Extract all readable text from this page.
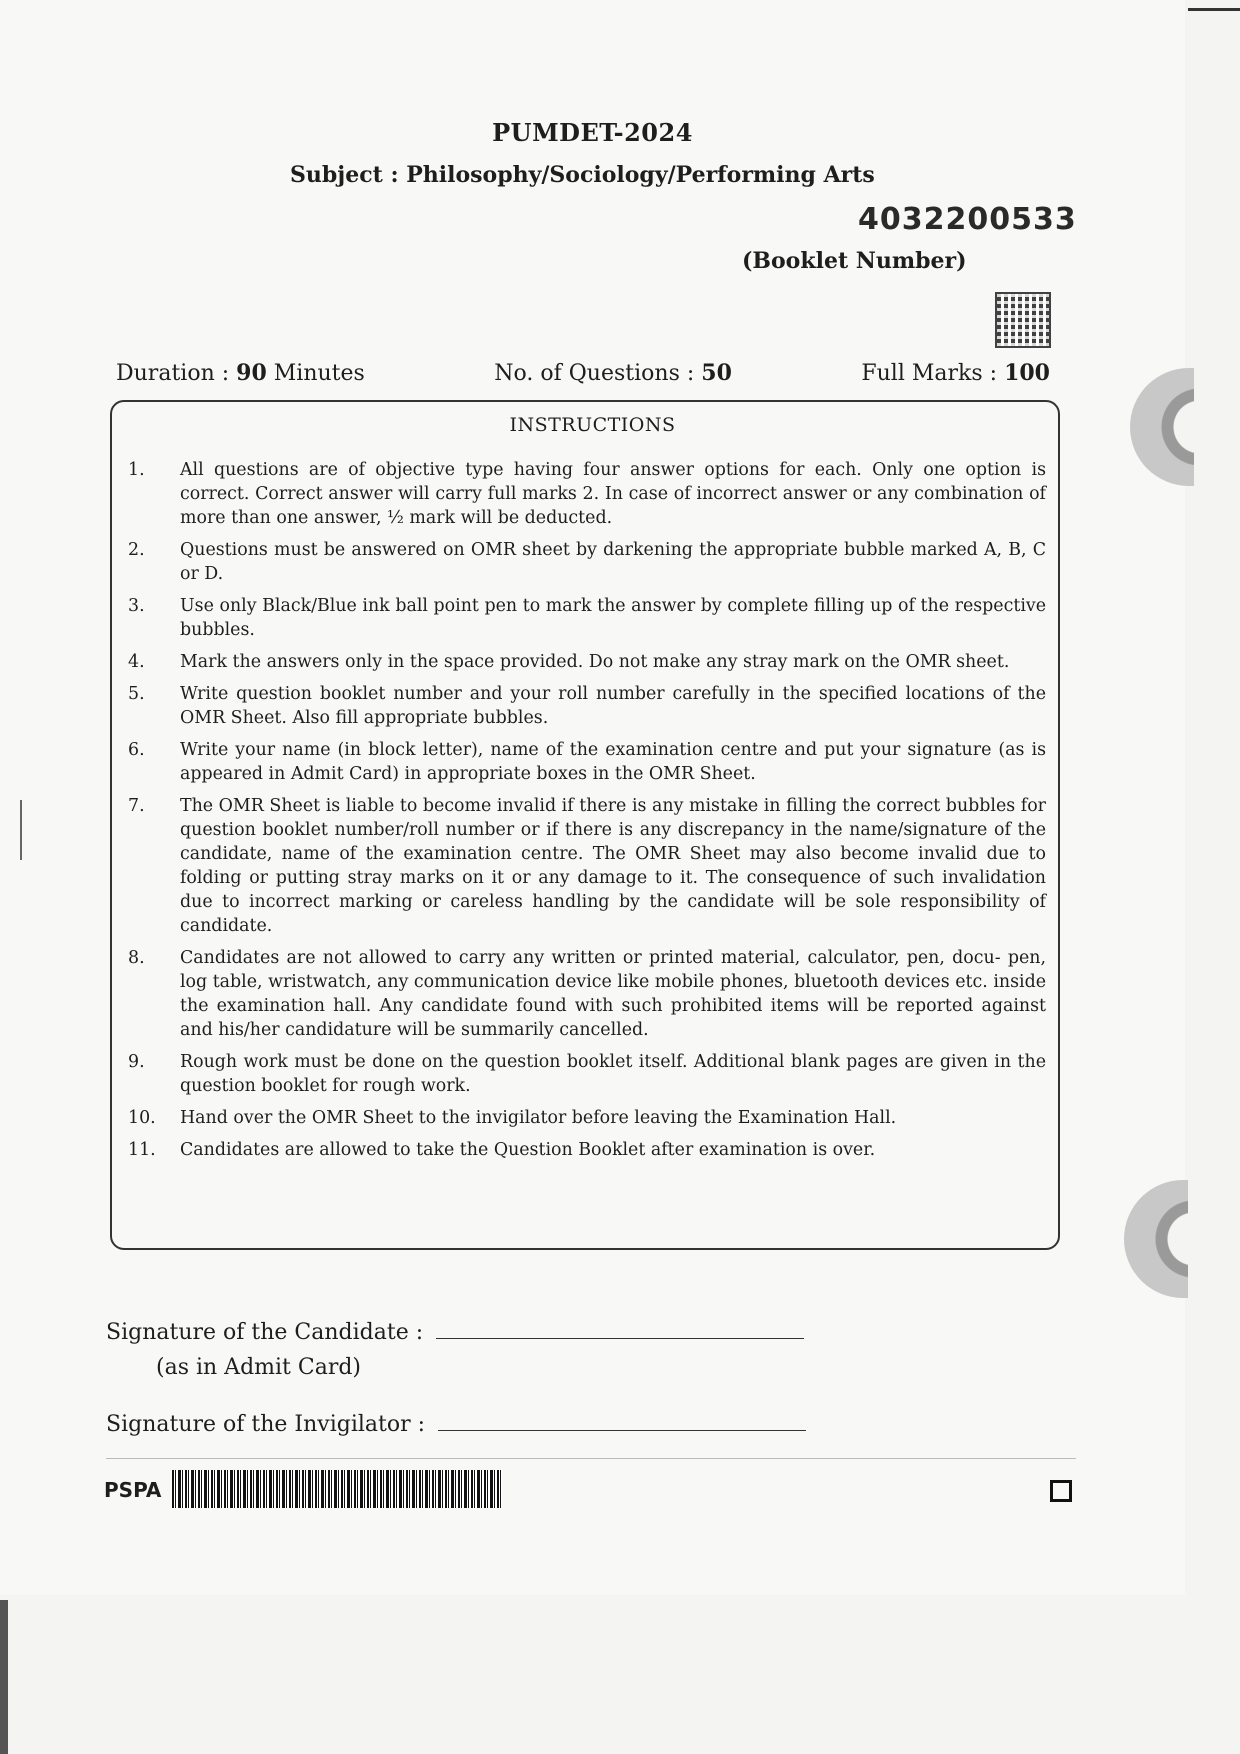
PUMDET-2024
Subject : Philosophy/Sociology/Performing Arts
4032200533
(Booklet Number)
Duration : 90 Minutes	No. of Questions : 50	Full Marks : 100
INSTRUCTIONS
1.	All questions are of objective type having four answer options for each. Only one option is correct. Correct answer will carry full marks 2. In case of incorrect answer or any combination of more than one answer, ½ mark will be deducted.
2.	Questions must be answered on OMR sheet by darkening the appropriate bubble marked A, B, C or D.
3.	Use only Black/Blue ink ball point pen to mark the answer by complete filling up of the respective bubbles.
4.	Mark the answers only in the space provided. Do not make any stray mark on the OMR sheet.
5.	Write question booklet number and your roll number carefully in the specified locations of the OMR Sheet. Also fill appropriate bubbles.
6.	Write your name (in block letter), name of the examination centre and put your signature (as is appeared in Admit Card) in appropriate boxes in the OMR Sheet.
7.	The OMR Sheet is liable to become invalid if there is any mistake in filling the correct bubbles for question booklet number/roll number or if there is any discrepancy in the name/signature of the candidate, name of the examination centre. The OMR Sheet may also become invalid due to folding or putting stray marks on it or any damage to it. The consequence of such invalidation due to incorrect marking or careless handling by the candidate will be sole responsibility of candidate.
8.	Candidates are not allowed to carry any written or printed material, calculator, pen, docu- pen, log table, wristwatch, any communication device like mobile phones, bluetooth devices etc. inside the examination hall. Any candidate found with such prohibited items will be reported against and his/her candidature will be summarily cancelled.
9.	Rough work must be done on the question booklet itself. Additional blank pages are given in the question booklet for rough work.
10.	Hand over the OMR Sheet to the invigilator before leaving the Examination Hall.
11.	Candidates are allowed to take the Question Booklet after examination is over.
Signature of the Candidate :
(as in Admit Card)
Signature of the Invigilator :
PSPA
